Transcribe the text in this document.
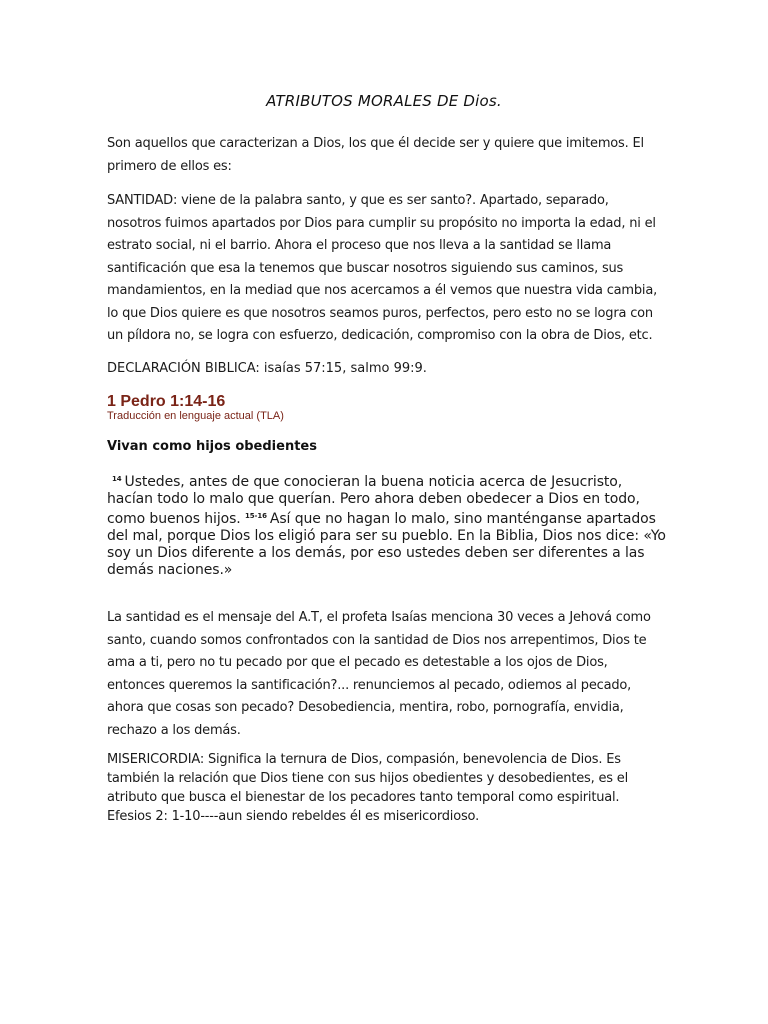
ATRIBUTOS MORALES DE Dios.

Son aquellos que caracterizan a Dios, los que él decide ser y quiere que imitemos. El primero de ellos es:

SANTIDAD: viene de la palabra santo, y que es ser santo?. Apartado, separado, nosotros fuimos apartados por Dios para cumplir su propósito no importa la edad, ni el estrato social, ni el barrio. Ahora el proceso que nos lleva a la santidad se llama santificación que esa la tenemos que buscar nosotros siguiendo sus caminos, sus mandamientos, en la mediad que nos acercamos a él vemos que nuestra vida cambia, lo que Dios quiere es que nosotros seamos puros, perfectos, pero esto no se logra con un píldora no, se logra con esfuerzo, dedicación, compromiso con la obra de Dios, etc.

DECLARACIÓN BIBLICA: isaías 57:15, salmo 99:9.

1 Pedro 1:14-16
Traducción en lenguaje actual (TLA)
Vivan como hijos obedientes

$^{14}$ Ustedes, antes de que conocieran la buena noticia acerca de Jesucristo, hacían todo lo malo que querían. Pero ahora deben obedecer a Dios en todo, como buenos hijos. $^{15-16}$ Así que no hagan lo malo, sino manténganse apartados del mal, porque Dios los eligió para ser su pueblo. En la Biblia, Dios nos dice: «Yo soy un Dios diferente a los demás, por eso ustedes deben ser diferentes a las demás naciones.»

La santidad es el mensaje del A.T, el profeta Isaías menciona 30 veces a Jehová como santo, cuando somos confrontados con la santidad de Dios nos arrepentimos, Dios te ama a ti, pero no tu pecado por que el pecado es detestable a los ojos de Dios, entonces queremos la santificación?... renunciemos al pecado, odiemos al pecado, ahora que cosas son pecado? Desobediencia, mentira, robo, pornografía, envidia, rechazo a los demás.

MISERICORDIA: Significa la ternura de Dios, compasión, benevolencia de Dios. Es también la relación que Dios tiene con sus hijos obedientes y desobedientes, es el atributo que busca el bienestar de los pecadores tanto temporal como espiritual. Efesios 2: 1-10----aun siendo rebeldes él es misericordioso.
